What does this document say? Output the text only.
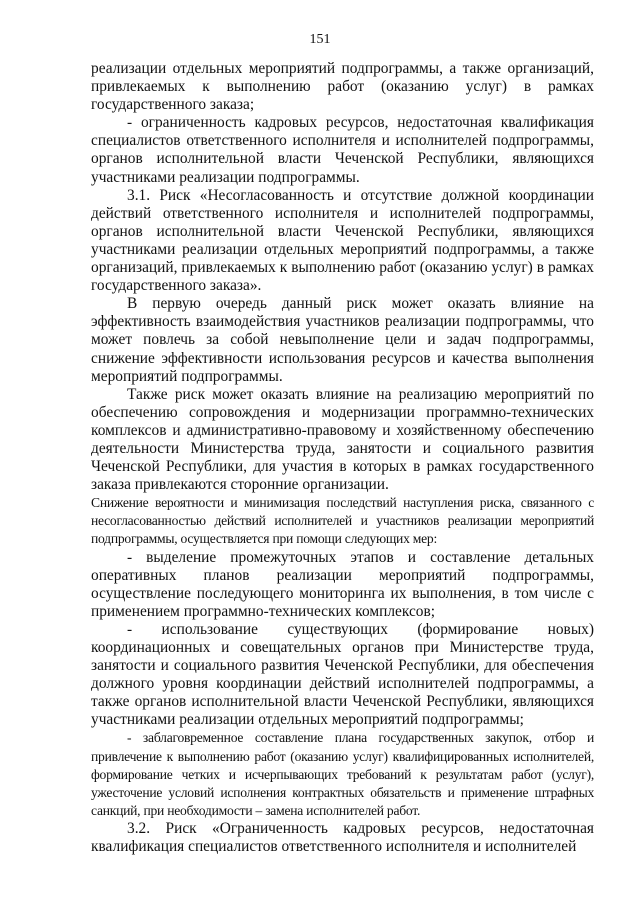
151

реализации отдельных мероприятий подпрограммы, а также организаций, привлекаемых к выполнению работ (оказанию услуг) в рамках государственного заказа;

- ограниченность кадровых ресурсов, недостаточная квалификация специалистов ответственного исполнителя и исполнителей подпрограммы, органов исполнительной власти Чеченской Республики, являющихся участниками реализации подпрограммы.

3.1. Риск «Несогласованность и отсутствие должной координации действий ответственного исполнителя и исполнителей подпрограммы, органов исполнительной власти Чеченской Республики, являющихся участниками реализации отдельных мероприятий подпрограммы, а также организаций, привлекаемых к выполнению работ (оказанию услуг) в рамках государственного заказа».

В первую очередь данный риск может оказать влияние на эффективность взаимодействия участников реализации подпрограммы, что может повлечь за собой невыполнение цели и задач подпрограммы, снижение эффективности использования ресурсов и качества выполнения мероприятий подпрограммы.

Также риск может оказать влияние на реализацию мероприятий по обеспечению сопровождения и модернизации программно-технических комплексов и административно-правовому и хозяйственному обеспечению деятельности Министерства труда, занятости и социального развития Чеченской Республики, для участия в которых в рамках государственного заказа привлекаются сторонние организации.

Снижение вероятности и минимизация последствий наступления риска, связанного с несогласованностью действий исполнителей и участников реализации мероприятий подпрограммы, осуществляется при помощи следующих мер:

- выделение промежуточных этапов и составление детальных оперативных планов реализации мероприятий подпрограммы, осуществление последующего мониторинга их выполнения, в том числе с применением программно-технических комплексов;

- использование существующих (формирование новых) координационных и совещательных органов при Министерстве труда, занятости и социального развития Чеченской Республики, для обеспечения должного уровня координации действий исполнителей подпрограммы, а также органов исполнительной власти Чеченской Республики, являющихся участниками реализации отдельных мероприятий подпрограммы;

- заблаговременное составление плана государственных закупок, отбор и привлечение к выполнению работ (оказанию услуг) квалифицированных исполнителей, формирование четких и исчерпывающих требований к результатам работ (услуг), ужесточение условий исполнения контрактных обязательств и применение штрафных санкций, при необходимости – замена исполнителей работ.

3.2. Риск «Ограниченность кадровых ресурсов, недостаточная квалификация специалистов ответственного исполнителя и исполнителей
